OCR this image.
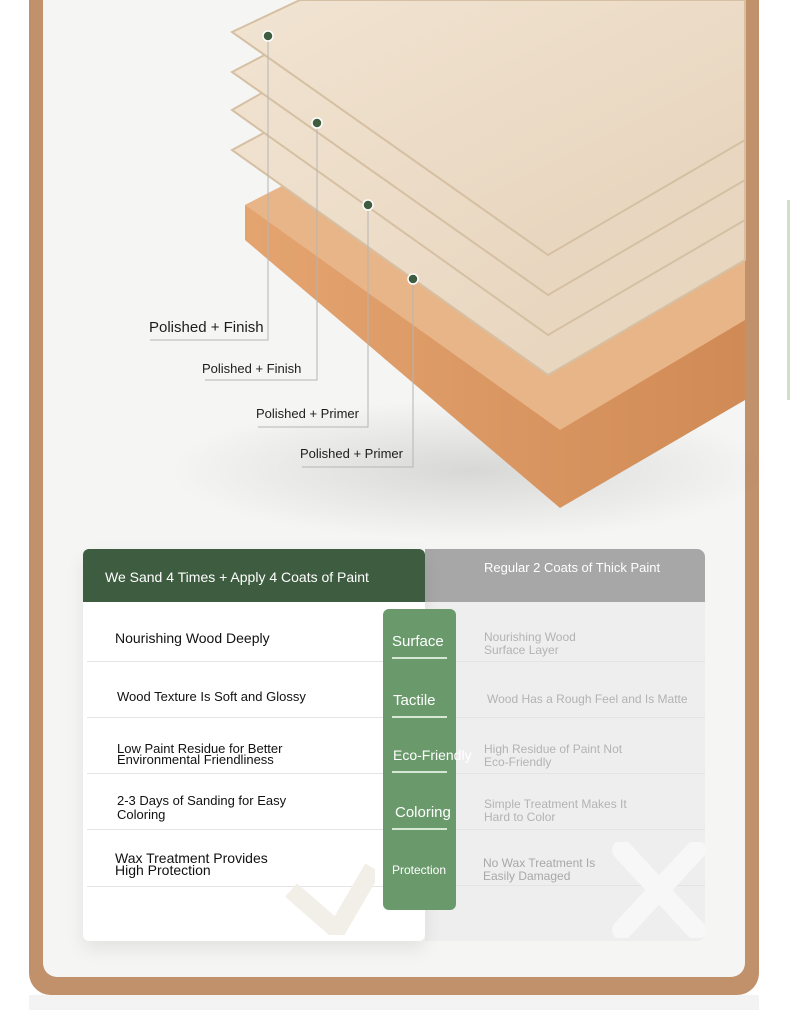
Polished + Finish
Polished + Finish
Polished + Primer
Polished + Primer
Regular 2 Coats of Thick Paint
Nourishing Wood Surface Layer
Wood Has a Rough Feel and Is Matte
High Residue of Paint Not Eco-Friendly
Simple Treatment Makes It Hard to Color
No Wax Treatment Is Easily Damaged
We Sand 4 Times + Apply 4 Coats of Paint
Nourishing Wood Deeply
Wood Texture Is Soft and Glossy
Low Paint Residue for Better Environmental Friendliness
2-3 Days of Sanding for Easy Coloring
Wax Treatment Provides High Protection
Surface
Tactile
Eco-Friendly
Coloring
Protection
